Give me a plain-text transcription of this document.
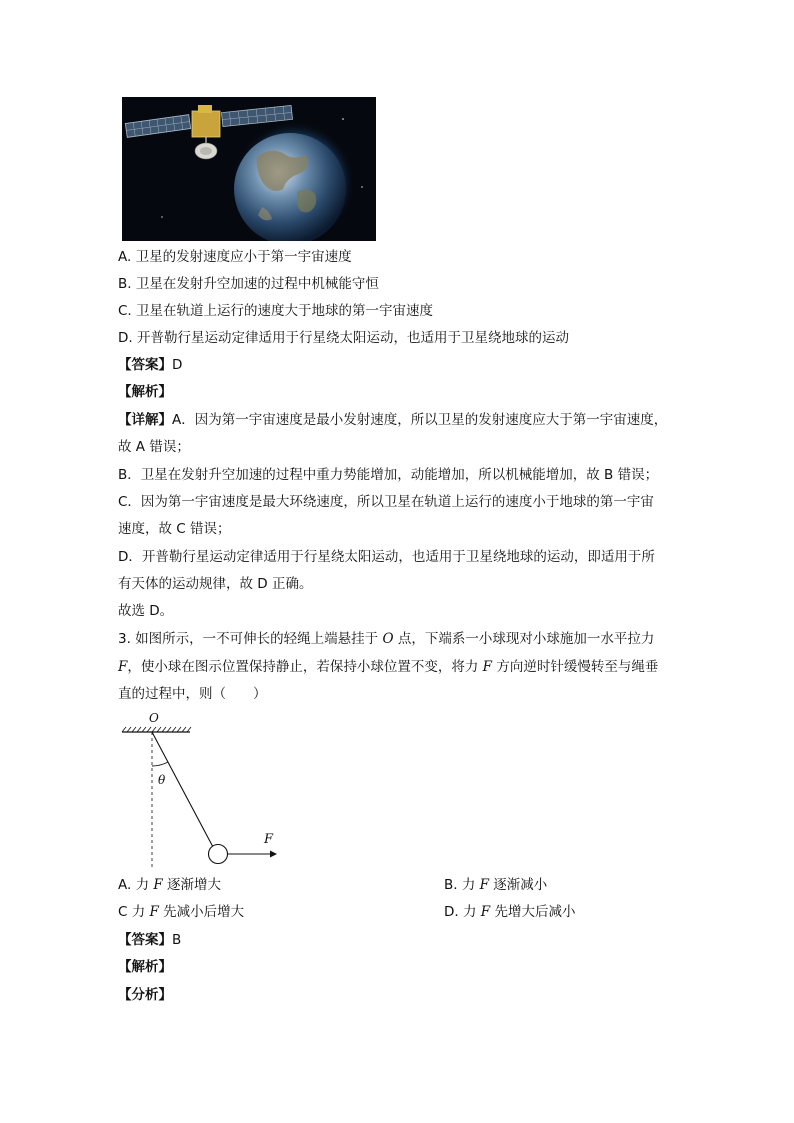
A. 卫星的发射速度应小于第一宇宙速度
B. 卫星在发射升空加速的过程中机械能守恒
C. 卫星在轨道上运行的速度大于地球的第一宇宙速度
D. 开普勒行星运动定律适用于行星绕太阳运动，也适用于卫星绕地球的运动
【答案】D
【解析】
【详解】A．因为第一宇宙速度是最小发射速度，所以卫星的发射速度应大于第一宇宙速度，
故 A 错误；
B．卫星在发射升空加速的过程中重力势能增加，动能增加，所以机械能增加，故 B 错误；
C．因为第一宇宙速度是最大环绕速度，所以卫星在轨道上运行的速度小于地球的第一宇宙
速度，故 C 错误；
D．开普勒行星运动定律适用于行星绕太阳运动，也适用于卫星绕地球的运动，即适用于所
有天体的运动规律，故 D 正确。
故选 D。
3. 如图所示，一不可伸长的轻绳上端悬挂于 O 点，下端系一小球现对小球施加一水平拉力
F，使小球在图示位置保持静止，若保持小球位置不变，将力 F 方向逆时针缓慢转至与绳垂
直的过程中，则（　　）
O
θ
F
A. 力 F 逐渐增大	B. 力 F 逐渐减小
C 力 F 先减小后增大	D. 力 F 先增大后减小
【答案】B
【解析】
【分析】
